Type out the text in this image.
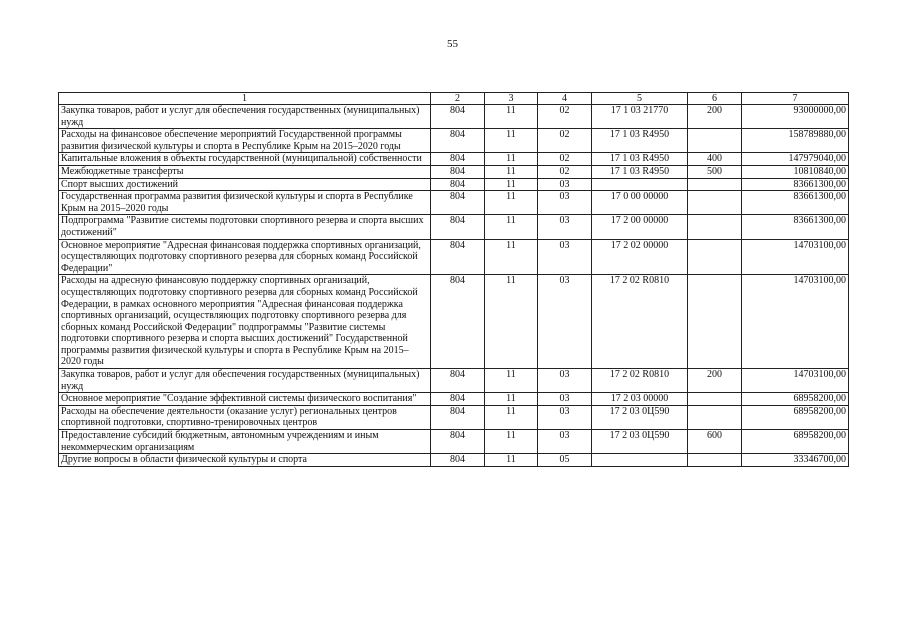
55
1	2	3	4	5	6	7
Закупка товаров, работ и услуг для обеспечения государственных (муниципальных) нужд	804	11	02	17 1 03 21770	200	93000000,00
Расходы на финансовое обеспечение мероприятий Государственной программы развития физической культуры и спорта в Республике Крым на 2015–2020 годы	804	11	02	17 1 03 R4950		158789880,00
Капитальные вложения в объекты государственной (муниципальной) собственности	804	11	02	17 1 03 R4950	400	147979040,00
Межбюджетные трансферты	804	11	02	17 1 03 R4950	500	10810840,00
Спорт высших достижений	804	11	03			83661300,00
Государственная программа развития физической культуры и спорта в Республике Крым на 2015–2020 годы	804	11	03	17 0 00 00000		83661300,00
Подпрограмма "Развитие системы подготовки спортивного резерва и спорта высших достижений"	804	11	03	17 2 00 00000		83661300,00
Основное мероприятие "Адресная финансовая поддержка спортивных организаций, осуществляющих подготовку спортивного резерва для сборных команд Российской Федерации"	804	11	03	17 2 02 00000		14703100,00
Расходы на адресную финансовую поддержку спортивных организаций, осуществляющих подготовку спортивного резерва для сборных команд Российской Федерации, в рамках основного мероприятия "Адресная финансовая поддержка спортивных организаций, осуществляющих подготовку спортивного резерва для сборных команд Российской Федерации" подпрограммы "Развитие системы подготовки спортивного резерва и спорта высших достижений" Государственной программы развития физической культуры и спорта в Республике Крым на 2015–2020 годы	804	11	03	17 2 02 R0810		14703100,00
Закупка товаров, работ и услуг для обеспечения государственных (муниципальных) нужд	804	11	03	17 2 02 R0810	200	14703100,00
Основное мероприятие "Создание эффективной системы физического воспитания"	804	11	03	17 2 03 00000		68958200,00
Расходы на обеспечение деятельности (оказание услуг) региональных центров спортивной подготовки, спортивно-тренировочных центров	804	11	03	17 2 03 0Ц590		68958200,00
Предоставление субсидий бюджетным, автономным учреждениям и иным некоммерческим организациям	804	11	03	17 2 03 0Ц590	600	68958200,00
Другие вопросы в области физической культуры и спорта	804	11	05			33346700,00
